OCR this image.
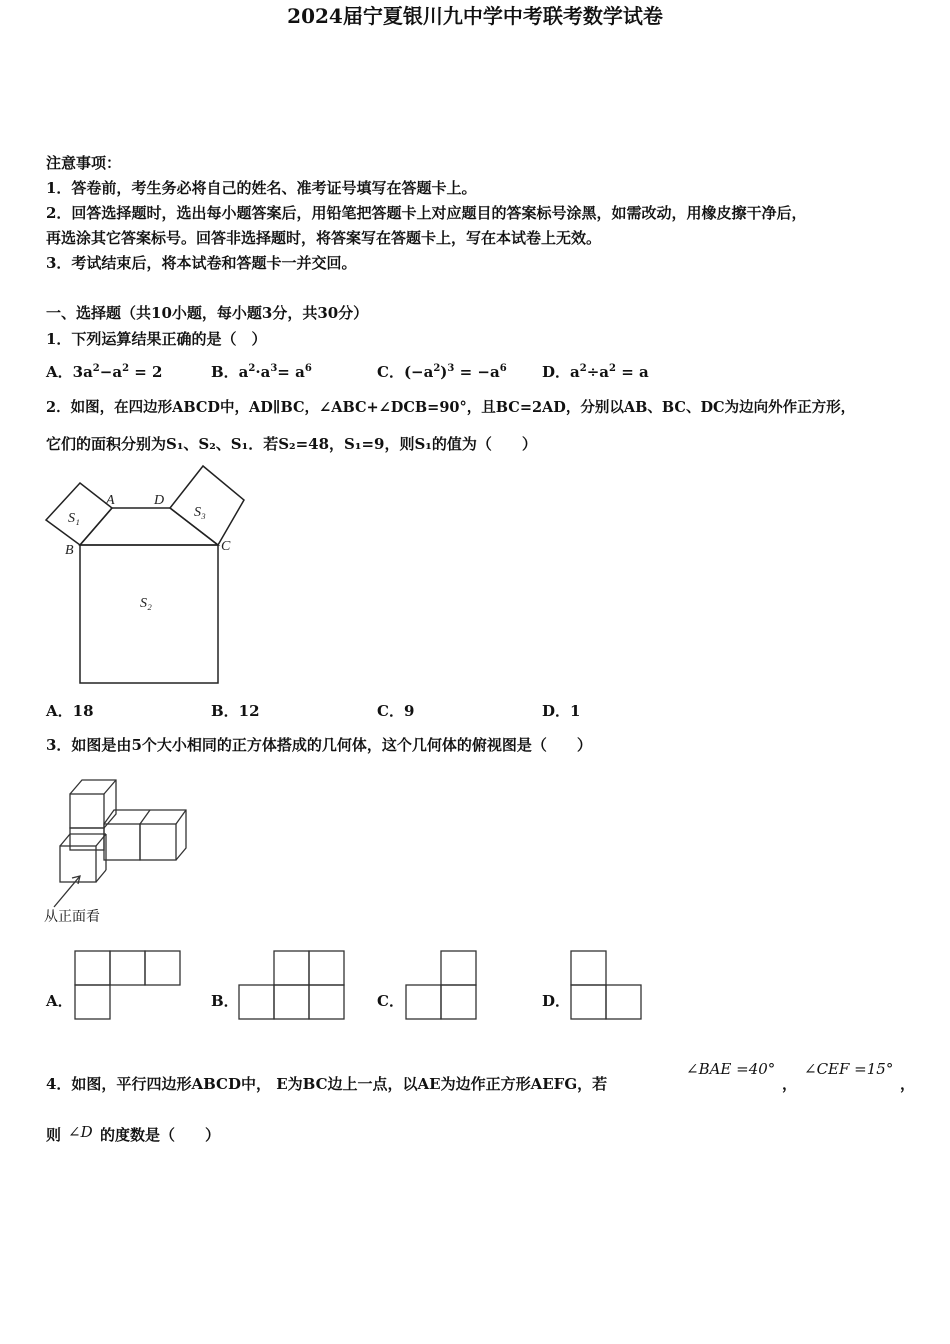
2024届宁夏银川九中学中考联考数学试卷
注意事项：
1．答卷前，考生务必将自己的姓名、准考证号填写在答题卡上。
2．回答选择题时，选出每小题答案后，用铅笔把答题卡上对应题目的答案标号涂黑，如需改动，用橡皮擦干净后，
再选涂其它答案标号。回答非选择题时，将答案写在答题卡上，写在本试卷上无效。
3．考试结束后，将本试卷和答题卡一并交回。
一、选择题（共10小题，每小题3分，共30分）
1．下列运算结果正确的是（　）
A．$3a^2-a^2 = 2$	B．$a^2\cdot a^3= a^6$	C．$(-a^2)^3 = -a^6$ D．$a^2\div a^2 = a$
2．如图，在四边形ABCD中，AD∥BC，∠ABC+∠DCB=90°，且BC=2AD，分别以AB、BC、DC为边向外作正方形，
它们的面积分别为S₁、S₂、S₁．若S₂=48，S₁=9，则S₁的值为（　　）
A	D
B	C
S₁	S₃
S₂
A．18	B．12	C．9	D．1
3．如图是由5个大小相同的正方体搭成的几何体，这个几何体的俯视图是（　　）
从正面看
A．	B．	C．	D．
4．如图，平行四边形ABCD中， E为BC边上一点，以AE为边作正方形AEFG，若
∠BAE =40°
，
∠CEF =15°
，
则 ∠D 的度数是（　　）
